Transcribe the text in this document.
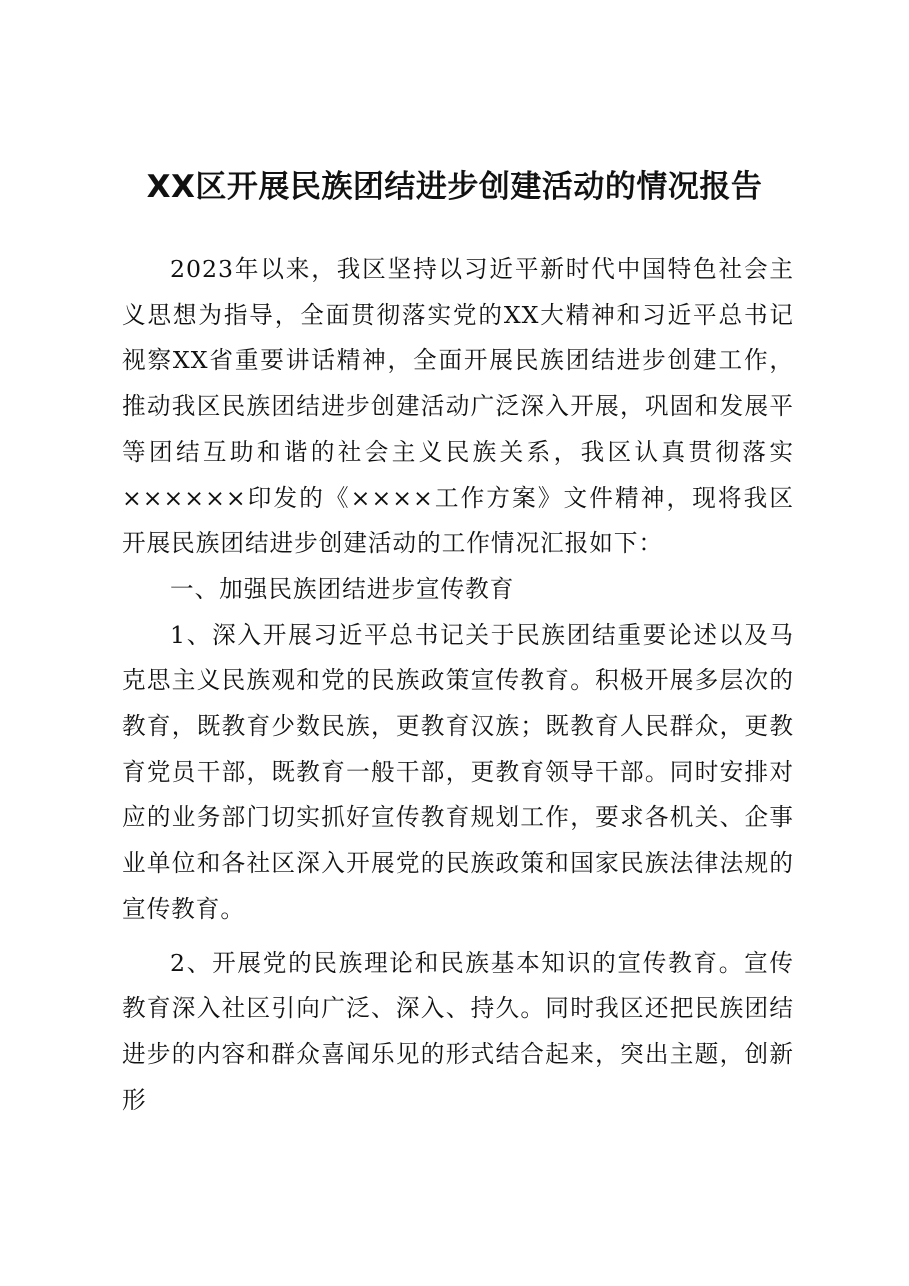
XX区开展民族团结进步创建活动的情况报告

2023年以来，我区坚持以习近平新时代中国特色社会主义思想为指导，全面贯彻落实党的XX大精神和习近平总书记视察XX省重要讲话精神，全面开展民族团结进步创建工作，推动我区民族团结进步创建活动广泛深入开展，巩固和发展平等团结互助和谐的社会主义民族关系，我区认真贯彻落实××××××印发的《××××工作方案》文件精神，现将我区开展民族团结进步创建活动的工作情况汇报如下：

一、加强民族团结进步宣传教育

1、深入开展习近平总书记关于民族团结重要论述以及马克思主义民族观和党的民族政策宣传教育。积极开展多层次的教育，既教育少数民族，更教育汉族；既教育人民群众，更教育党员干部，既教育一般干部，更教育领导干部。同时安排对应的业务部门切实抓好宣传教育规划工作，要求各机关、企事业单位和各社区深入开展党的民族政策和国家民族法律法规的宣传教育。

2、开展党的民族理论和民族基本知识的宣传教育。宣传教育深入社区引向广泛、深入、持久。同时我区还把民族团结进步的内容和群众喜闻乐见的形式结合起来，突出主题，创新形
